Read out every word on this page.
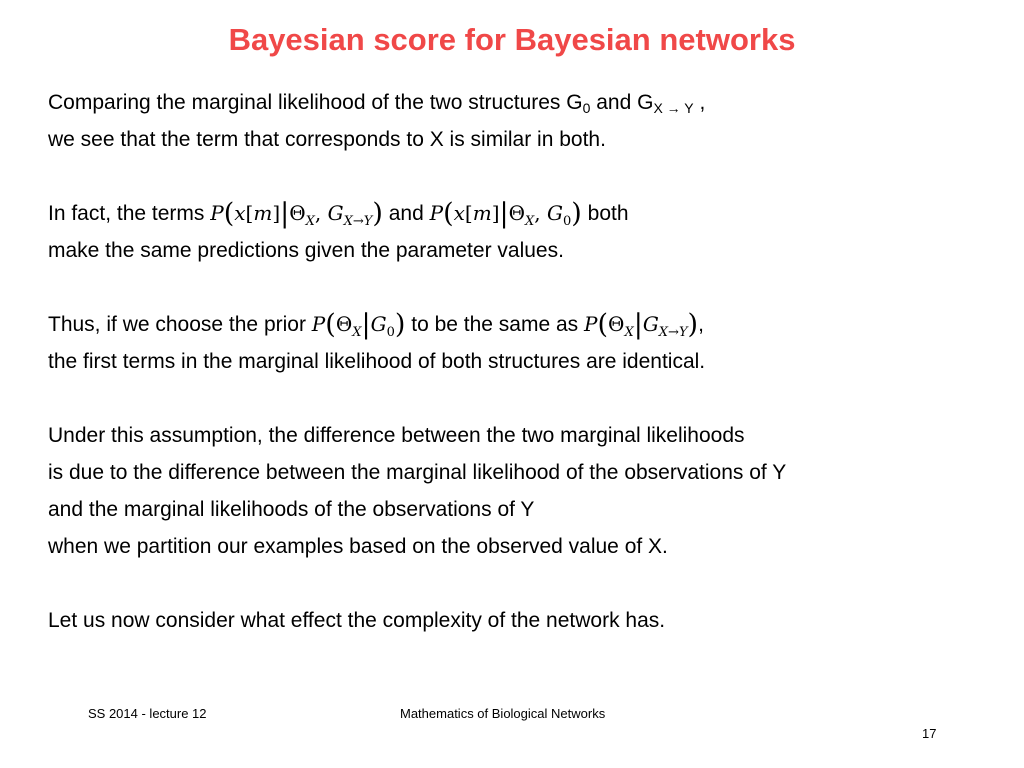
Bayesian score for Bayesian networks
Comparing the marginal likelihood of the two structures $G_0$ and $G_{X \to Y}$ ,
we see that the term that corresponds to X is similar in both.
In fact, the terms $P(x[m]|\Theta_X$, $G_{X\to Y}$) and $P(x[m]|\Theta_X$, $G_0$) both
make the same predictions given the parameter values.
Thus, if we choose the prior $P(\Theta_X|G_0)$ to be the same as $P(\Theta_X|G_{X\to Y})$,
the first terms in the marginal likelihood of both structures are identical.
Under this assumption, the difference between the two marginal likelihoods
is due to the difference between the marginal likelihood of the observations of Y
and the marginal likelihoods of the observations of Y
when we partition our examples based on the observed value of X.
Let us now consider what effect the complexity of the network has.
SS 2014 - lecture 12	Mathematics of Biological Networks
17
